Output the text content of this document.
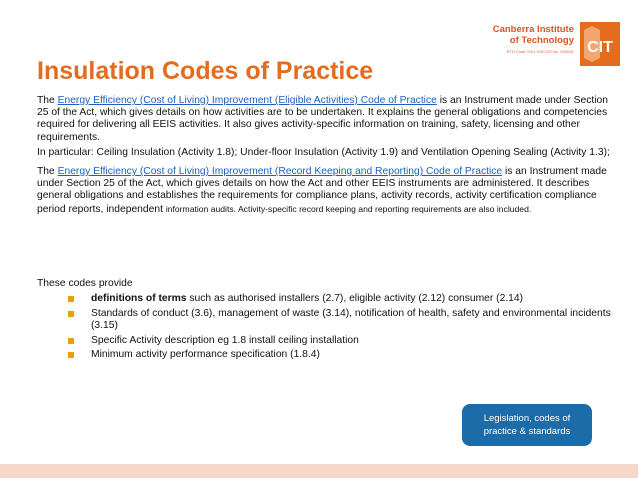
Canberra Institute
of Technology
RTO Code 0101 CRICOS No. 00001K CIT
Insulation Codes of Practice

The Energy Efficiency (Cost of Living) Improvement (Eligible Activities) Code of Practice is an Instrument made under Section 25 of the Act, which gives details on how activities are to be undertaken. It explains the general obligations and competencies required for delivering all EEIS activities. It also gives activity-specific information on training, safety, licensing and other requirements.

In particular: Ceiling Insulation (Activity 1.8); Under-floor Insulation (Activity 1.9) and Ventilation Opening Sealing (Activity 1.3);

The Energy Efficiency (Cost of Living) Improvement (Record Keeping and Reporting) Code of Practice is an Instrument made under Section 25 of the Act, which gives details on how the Act and other EEIS instruments are administered. It describes general obligations and establishes the requirements for compliance plans, activity records, activity certification compliance period reports, independent information audits. Activity-specific record keeping and reporting requirements are also included.

These codes provide

definitions of terms such as authorised installers (2.7), eligible activity (2.12) consumer (2.14)
Standards of conduct (3.6), management of waste (3.14), notification of health, safety and environmental incidents (3.15)
Specific Activity description eg 1.8 install ceiling installation
Minimum activity performance specification (1.8.4)
Legislation, codes of practice & standards
